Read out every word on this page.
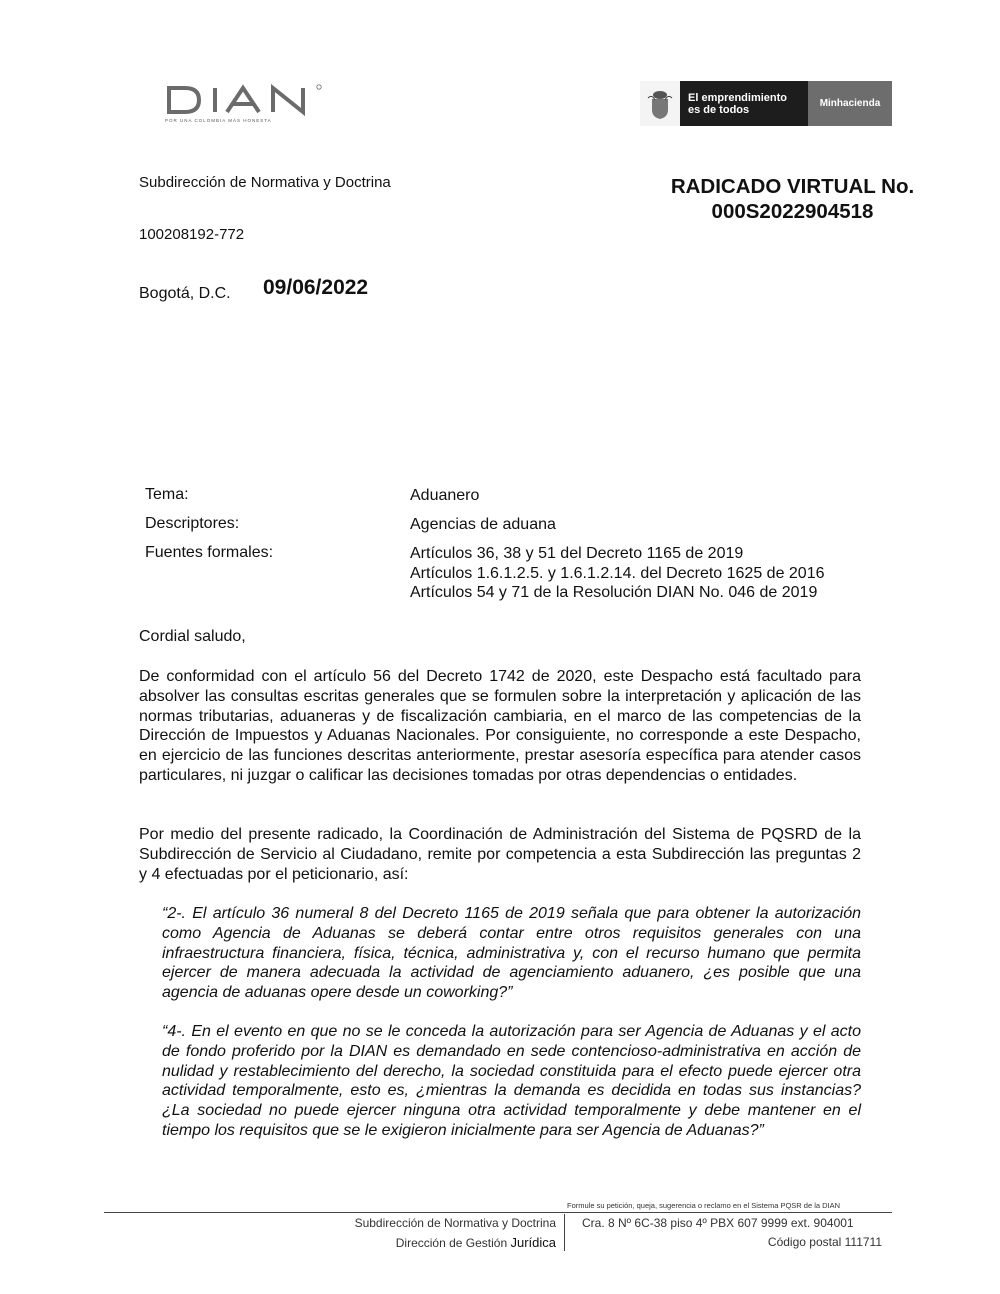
POR UNA COLOMBIA MÁS HONESTA
El emprendimiento
es de todos	Minhacienda
Subdirección de Normativa y Doctrina
100208192-772
RADICADO VIRTUAL No.
000S2022904518
Bogotá, D.C. 09/06/2022
Tema:	Aduanero
Descriptores:	Agencias de aduana
Fuentes formales:	Artículos 36, 38 y 51 del Decreto 1165 de 2019
Artículos 1.6.1.2.5. y 1.6.1.2.14. del Decreto 1625 de 2016
Artículos 54 y 71 de la Resolución DIAN No. 046 de 2019
Cordial saludo,
De conformidad con el artículo 56 del Decreto 1742 de 2020, este Despacho está facultado para absolver las consultas escritas generales que se formulen sobre la interpretación y aplicación de las normas tributarias, aduaneras y de fiscalización cambiaria, en el marco de las competencias de la Dirección de Impuestos y Aduanas Nacionales. Por consiguiente, no corresponde a este Despacho, en ejercicio de las funciones descritas anteriormente, prestar asesoría específica para atender casos particulares, ni juzgar o calificar las decisiones tomadas por otras dependencias o entidades.
Por medio del presente radicado, la Coordinación de Administración del Sistema de PQSRD de la Subdirección de Servicio al Ciudadano, remite por competencia a esta Subdirección las preguntas 2 y 4 efectuadas por el peticionario, así:
“2-. El artículo 36 numeral 8 del Decreto 1165 de 2019 señala que para obtener la autorización como Agencia de Aduanas se deberá contar entre otros requisitos generales con una infraestructura financiera, física, técnica, administrativa y, con el recurso humano que permita ejercer de manera adecuada la actividad de agenciamiento aduanero, ¿es posible que una agencia de aduanas opere desde un coworking?”
“4-. En el evento en que no se le conceda la autorización para ser Agencia de Aduanas y el acto de fondo proferido por la DIAN es demandado en sede contencioso-administrativa en acción de nulidad y restablecimiento del derecho, la sociedad constituida para el efecto puede ejercer otra actividad temporalmente, esto es, ¿mientras la demanda es decidida en todas sus instancias? ¿La sociedad no puede ejercer ninguna otra actividad temporalmente y debe mantener en el tiempo los requisitos que se le exigieron inicialmente para ser Agencia de Aduanas?”
Formule su petición, queja, sugerencia o reclamo en el Sistema PQSR de la DIAN
Subdirección de Normativa y Doctrina
Dirección de Gestión Jurídica
Cra. 8 Nº 6C-38 piso 4º PBX 607 9999 ext. 904001
Código postal 111711
